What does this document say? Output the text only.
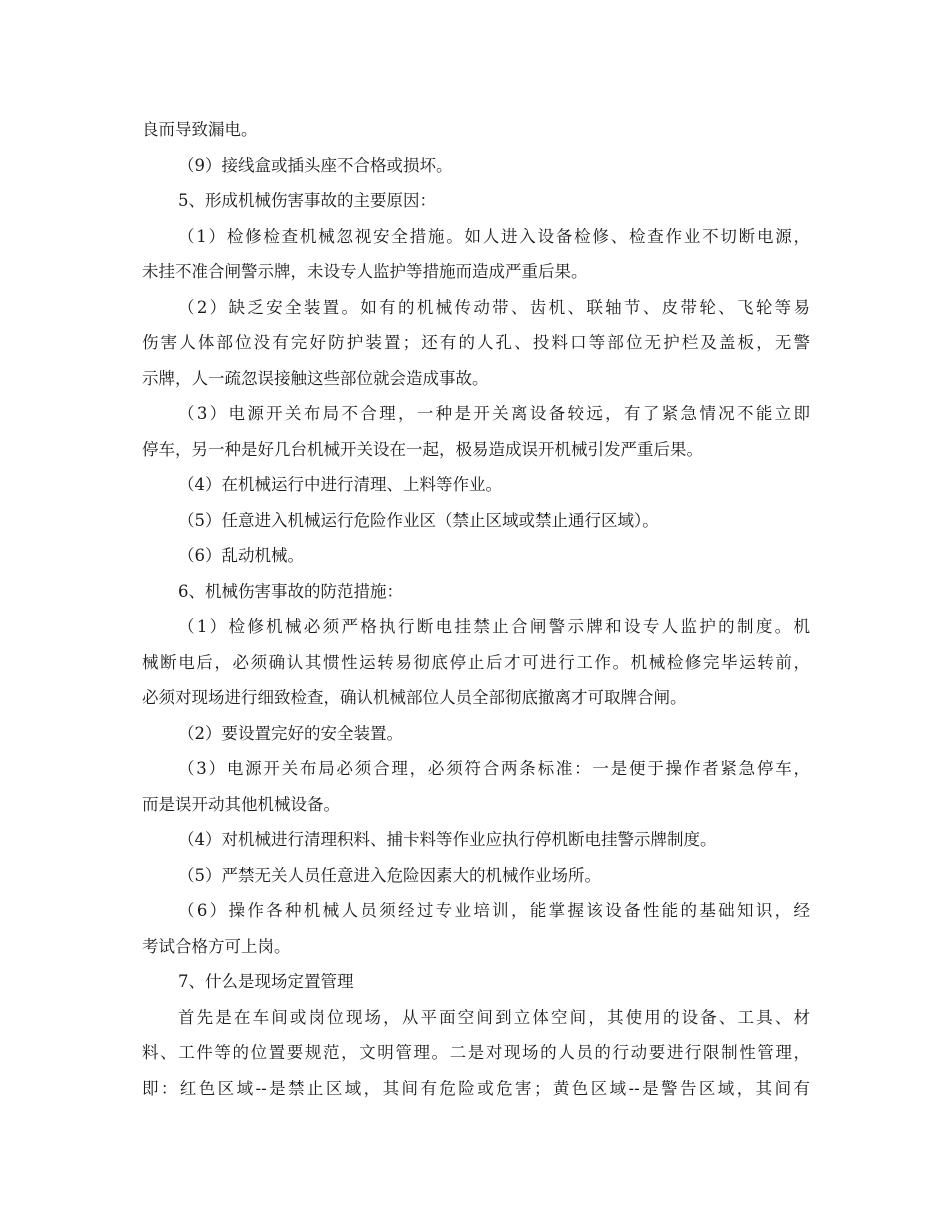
良而导致漏电。
（9）接线盒或插头座不合格或损坏。
5、形成机械伤害事故的主要原因：
（1）检修检查机械忽视安全措施。如人进入设备检修、检查作业不切断电源，
未挂不准合闸警示牌，未设专人监护等措施而造成严重后果。
（2）缺乏安全装置。如有的机械传动带、齿机、联轴节、皮带轮、飞轮等易
伤害人体部位没有完好防护装置；还有的人孔、投料口等部位无护栏及盖板，无警
示牌，人一疏忽误接触这些部位就会造成事故。
（3）电源开关布局不合理，一种是开关离设备较远，有了紧急情况不能立即
停车，另一种是好几台机械开关设在一起，极易造成误开机械引发严重后果。
（4）在机械运行中进行清理、上料等作业。
（5）任意进入机械运行危险作业区（禁止区域或禁止通行区域）。
（6）乱动机械。
6、机械伤害事故的防范措施：
（1）检修机械必须严格执行断电挂禁止合闸警示牌和设专人监护的制度。机
械断电后，必须确认其惯性运转易彻底停止后才可进行工作。机械检修完毕运转前，
必须对现场进行细致检查，确认机械部位人员全部彻底撤离才可取牌合闸。
（2）要设置完好的安全装置。
（3）电源开关布局必须合理，必须符合两条标准：一是便于操作者紧急停车，
而是误开动其他机械设备。
（4）对机械进行清理积料、捕卡料等作业应执行停机断电挂警示牌制度。
（5）严禁无关人员任意进入危险因素大的机械作业场所。
（6）操作各种机械人员须经过专业培训，能掌握该设备性能的基础知识，经
考试合格方可上岗。
7、什么是现场定置管理
首先是在车间或岗位现场，从平面空间到立体空间，其使用的设备、工具、材
料、工件等的位置要规范，文明管理。二是对现场的人员的行动要进行限制性管理，
即：红色区域--是禁止区域，其间有危险或危害；黄色区域--是警告区域，其间有
